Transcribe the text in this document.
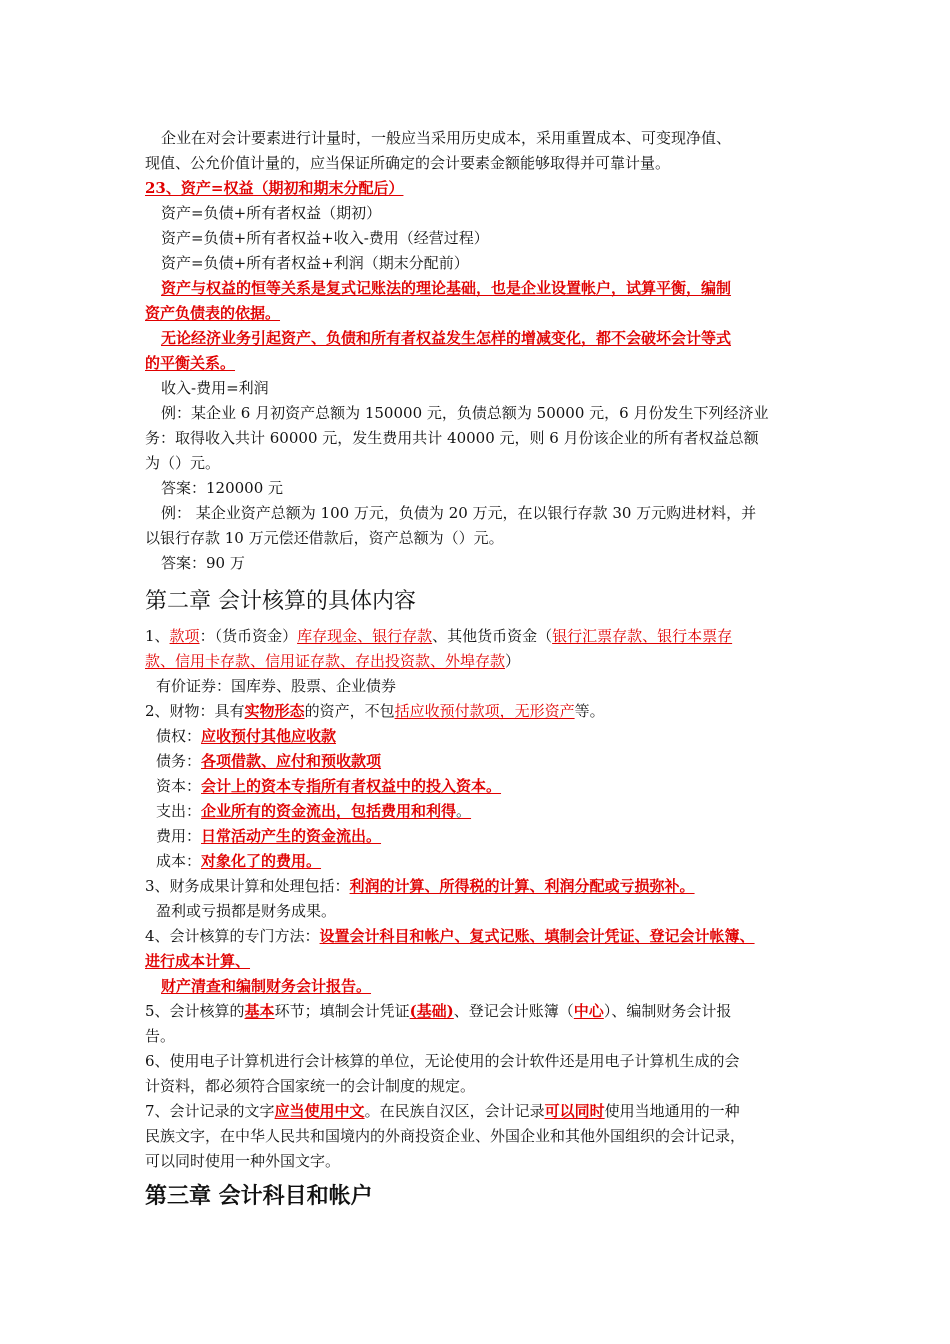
企业在对会计要素进行计量时，一般应当采用历史成本，采用重置成本、可变现净值、
现值、公允价值计量的，应当保证所确定的会计要素金额能够取得并可靠计量。
23、资产=权益（期初和期末分配后）
资产=负债+所有者权益（期初）
资产=负债+所有者权益+收入-费用（经营过程）
资产=负债+所有者权益+利润（期末分配前）
资产与权益的恒等关系是复式记账法的理论基础，也是企业设置帐户，试算平衡，编制
资产负债表的依据。
无论经济业务引起资产、负债和所有者权益发生怎样的增减变化，都不会破坏会计等式
的平衡关系。
收入-费用=利润
例：某企业 6 月初资产总额为 150000 元，负债总额为 50000 元，6 月份发生下列经济业
务：取得收入共计 60000 元，发生费用共计 40000 元，则 6 月份该企业的所有者权益总额
为（）元。
答案：120000 元
例： 某企业资产总额为 100 万元，负债为 20 万元，在以银行存款 30 万元购进材料，并
以银行存款 10 万元偿还借款后，资产总额为（）元。
答案：90 万
第二章 会计核算的具体内容
1、款项：（货币资金）库存现金、银行存款、其他货币资金（银行汇票存款、银行本票存
款、信用卡存款、信用证存款、存出投资款、外埠存款）
有价证券：国库券、股票、企业债券
2、财物：具有实物形态的资产，不包括应收预付款项，无形资产等。
债权：应收预付其他应收款
债务：各项借款、应付和预收款项
资本：会计上的资本专指所有者权益中的投入资本。
支出：企业所有的资金流出，包括费用和利得。
费用：日常活动产生的资金流出。
成本：对象化了的费用。
3、财务成果计算和处理包括：利润的计算、所得税的计算、利润分配或亏损弥补。
盈利或亏损都是财务成果。
4、会计核算的专门方法：设置会计科目和帐户、复式记账、填制会计凭证、登记会计帐簿、
进行成本计算、
财产清查和编制财务会计报告。
5、会计核算的基本环节；填制会计凭证(基础)、登记会计账簿（中心）、编制财务会计报
告。
6、使用电子计算机进行会计核算的单位，无论使用的会计软件还是用电子计算机生成的会
计资料，都必须符合国家统一的会计制度的规定。
7、会计记录的文字应当使用中文。在民族自汉区，会计记录可以同时使用当地通用的一种
民族文字，在中华人民共和国境内的外商投资企业、外国企业和其他外国组织的会计记录，
可以同时使用一种外国文字。
第三章 会计科目和帐户
